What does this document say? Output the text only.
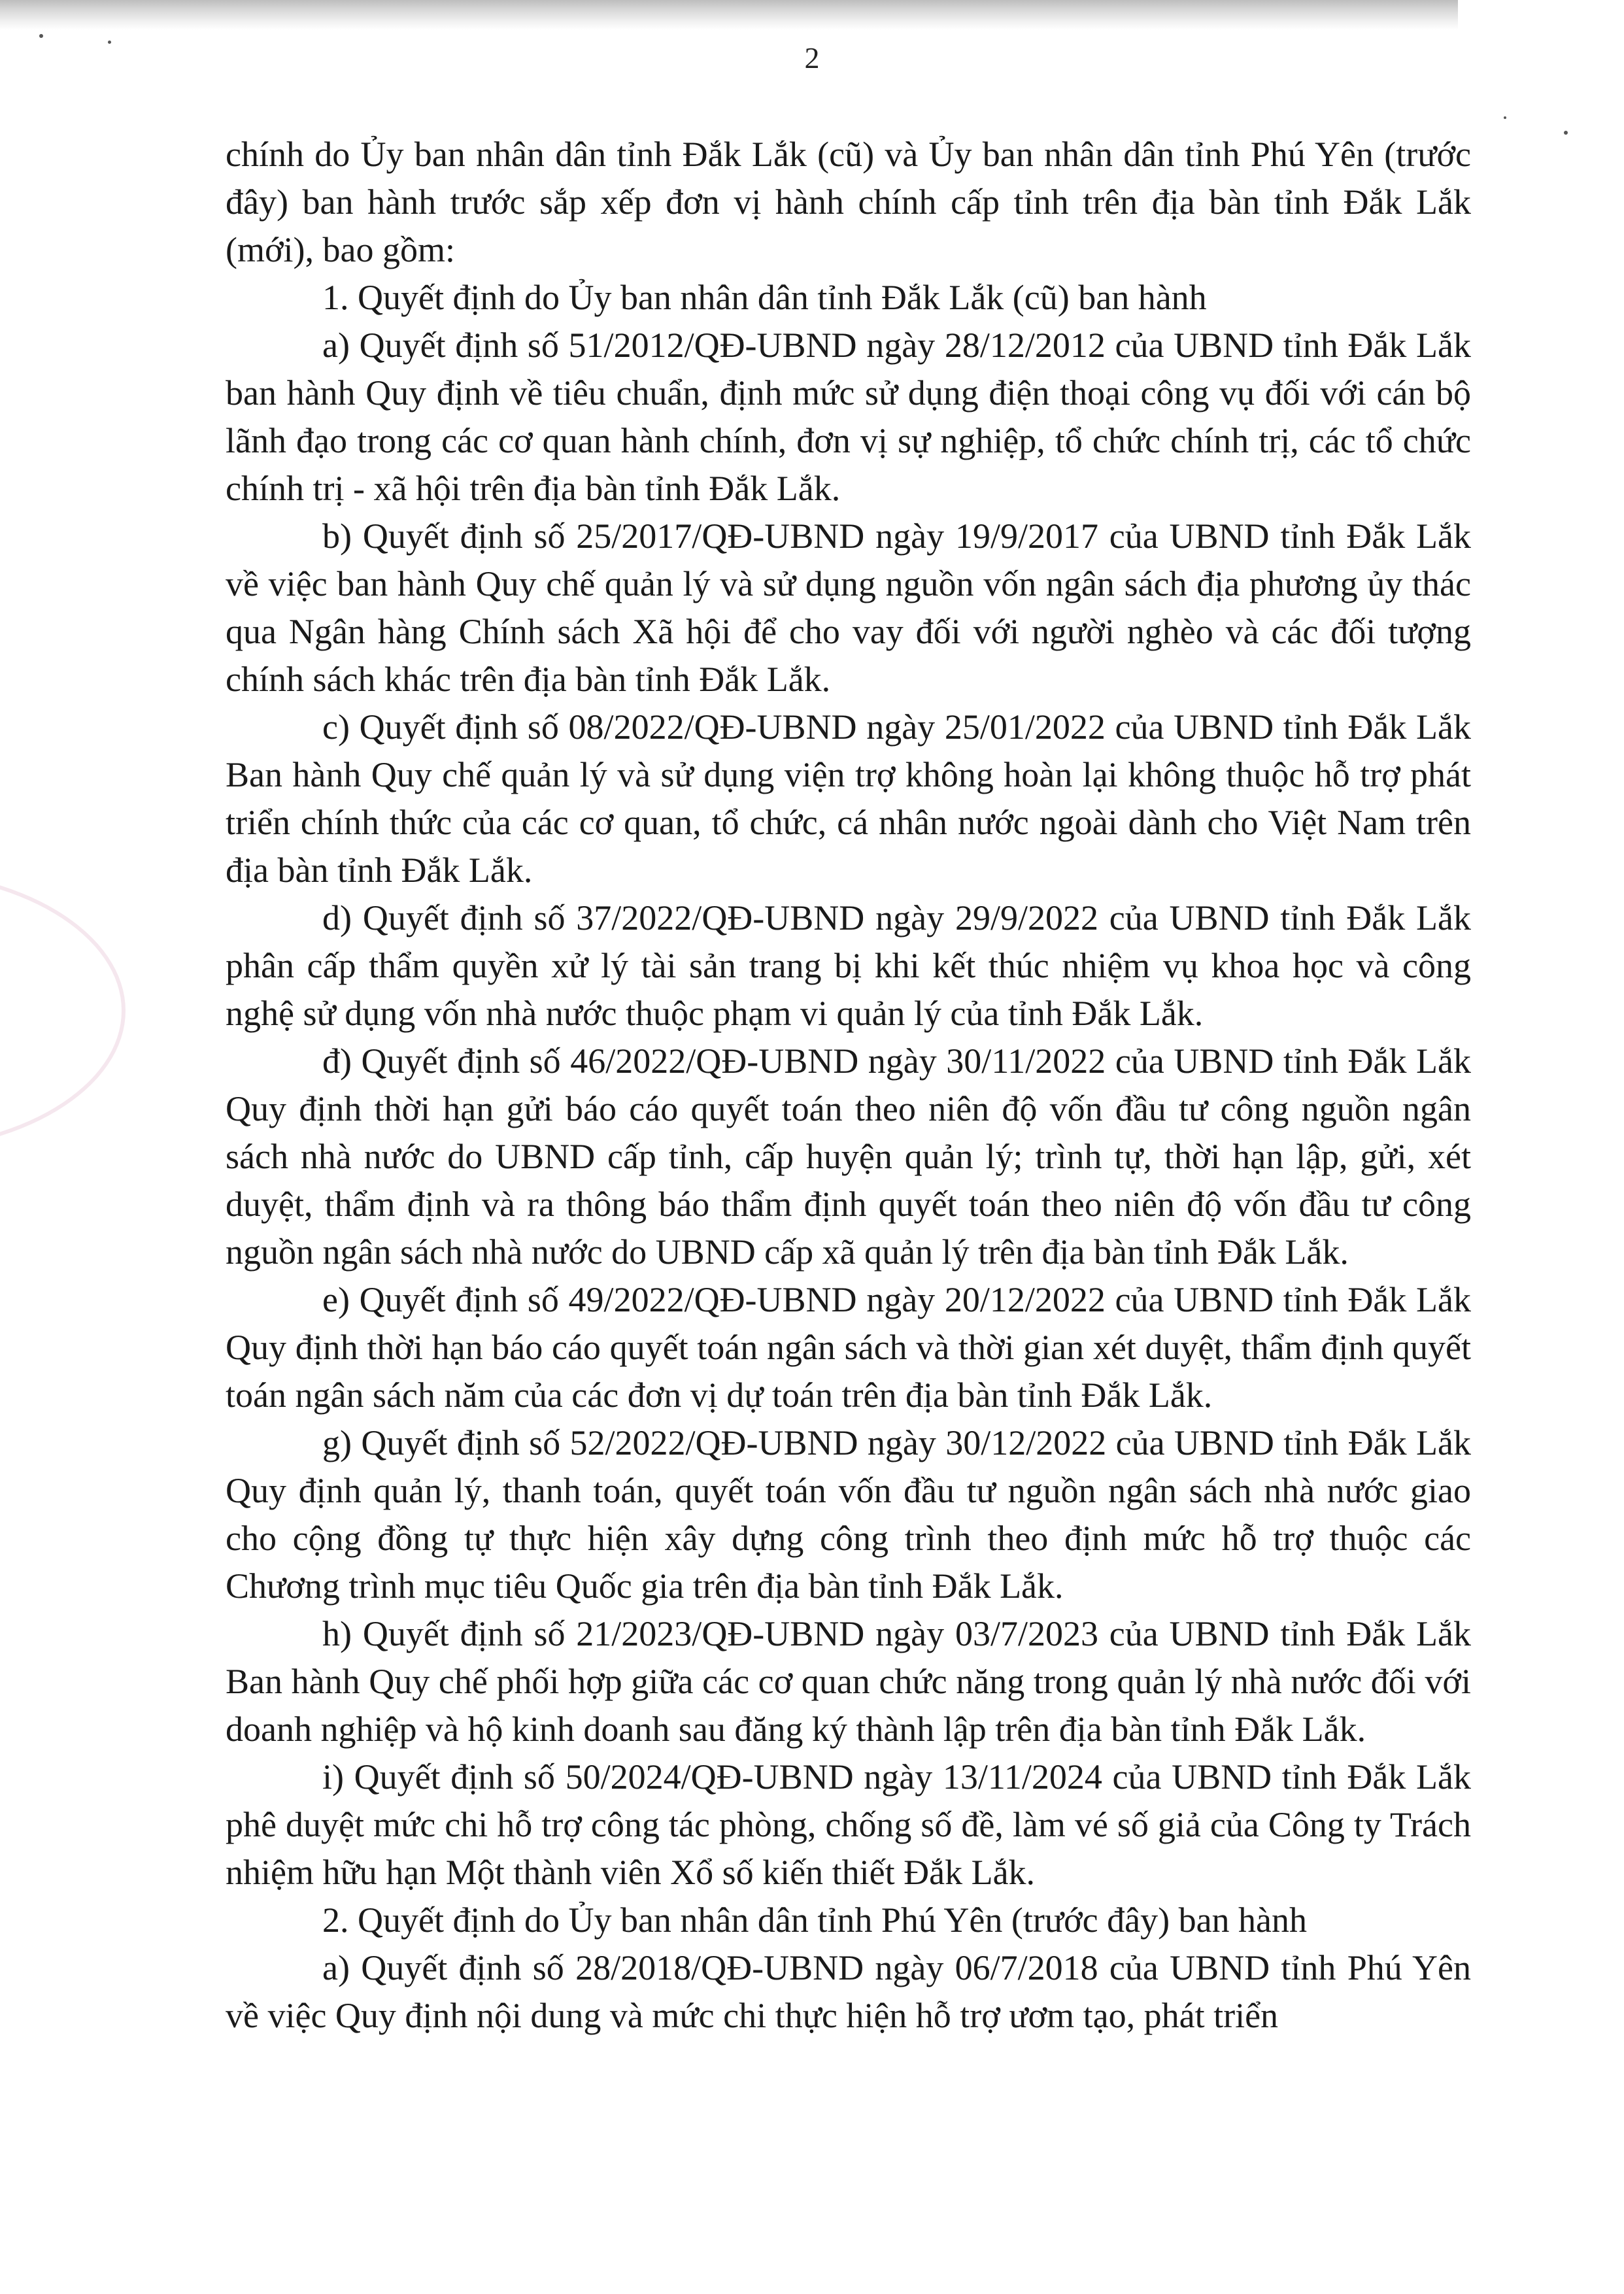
2

chính do Ủy ban nhân dân tỉnh Đắk Lắk (cũ) và Ủy ban nhân dân tỉnh Phú Yên (trước đây) ban hành trước sắp xếp đơn vị hành chính cấp tỉnh trên địa bàn tỉnh Đắk Lắk (mới), bao gồm:

1. Quyết định do Ủy ban nhân dân tỉnh Đắk Lắk (cũ) ban hành

a) Quyết định số 51/2012/QĐ-UBND ngày 28/12/2012 của UBND tỉnh Đắk Lắk ban hành Quy định về tiêu chuẩn, định mức sử dụng điện thoại công vụ đối với cán bộ lãnh đạo trong các cơ quan hành chính, đơn vị sự nghiệp, tổ chức chính trị, các tổ chức chính trị - xã hội trên địa bàn tỉnh Đắk Lắk.

b) Quyết định số 25/2017/QĐ-UBND ngày 19/9/2017 của UBND tỉnh Đắk Lắk về việc ban hành Quy chế quản lý và sử dụng nguồn vốn ngân sách địa phương ủy thác qua Ngân hàng Chính sách Xã hội để cho vay đối với người nghèo và các đối tượng chính sách khác trên địa bàn tỉnh Đắk Lắk.

c) Quyết định số 08/2022/QĐ-UBND ngày 25/01/2022 của UBND tỉnh Đắk Lắk Ban hành Quy chế quản lý và sử dụng viện trợ không hoàn lại không thuộc hỗ trợ phát triển chính thức của các cơ quan, tổ chức, cá nhân nước ngoài dành cho Việt Nam trên địa bàn tỉnh Đắk Lắk.

d) Quyết định số 37/2022/QĐ-UBND ngày 29/9/2022 của UBND tỉnh Đắk Lắk phân cấp thẩm quyền xử lý tài sản trang bị khi kết thúc nhiệm vụ khoa học và công nghệ sử dụng vốn nhà nước thuộc phạm vi quản lý của tỉnh Đắk Lắk.

đ) Quyết định số 46/2022/QĐ-UBND ngày 30/11/2022 của UBND tỉnh Đắk Lắk Quy định thời hạn gửi báo cáo quyết toán theo niên độ vốn đầu tư công nguồn ngân sách nhà nước do UBND cấp tỉnh, cấp huyện quản lý; trình tự, thời hạn lập, gửi, xét duyệt, thẩm định và ra thông báo thẩm định quyết toán theo niên độ vốn đầu tư công nguồn ngân sách nhà nước do UBND cấp xã quản lý trên địa bàn tỉnh Đắk Lắk.

e) Quyết định số 49/2022/QĐ-UBND ngày 20/12/2022 của UBND tỉnh Đắk Lắk Quy định thời hạn báo cáo quyết toán ngân sách và thời gian xét duyệt, thẩm định quyết toán ngân sách năm của các đơn vị dự toán trên địa bàn tỉnh Đắk Lắk.

g) Quyết định số 52/2022/QĐ-UBND ngày 30/12/2022 của UBND tỉnh Đắk Lắk Quy định quản lý, thanh toán, quyết toán vốn đầu tư nguồn ngân sách nhà nước giao cho cộng đồng tự thực hiện xây dựng công trình theo định mức hỗ trợ thuộc các Chương trình mục tiêu Quốc gia trên địa bàn tỉnh Đắk Lắk.

h) Quyết định số 21/2023/QĐ-UBND ngày 03/7/2023 của UBND tỉnh Đắk Lắk Ban hành Quy chế phối hợp giữa các cơ quan chức năng trong quản lý nhà nước đối với doanh nghiệp và hộ kinh doanh sau đăng ký thành lập trên địa bàn tỉnh Đắk Lắk.

i) Quyết định số 50/2024/QĐ-UBND ngày 13/11/2024 của UBND tỉnh Đắk Lắk phê duyệt mức chi hỗ trợ công tác phòng, chống số đề, làm vé số giả của Công ty Trách nhiệm hữu hạn Một thành viên Xổ số kiến thiết Đắk Lắk.

2. Quyết định do Ủy ban nhân dân tỉnh Phú Yên (trước đây) ban hành

a) Quyết định số 28/2018/QĐ-UBND ngày 06/7/2018 của UBND tỉnh Phú Yên về việc Quy định nội dung và mức chi thực hiện hỗ trợ ươm tạo, phát triển
